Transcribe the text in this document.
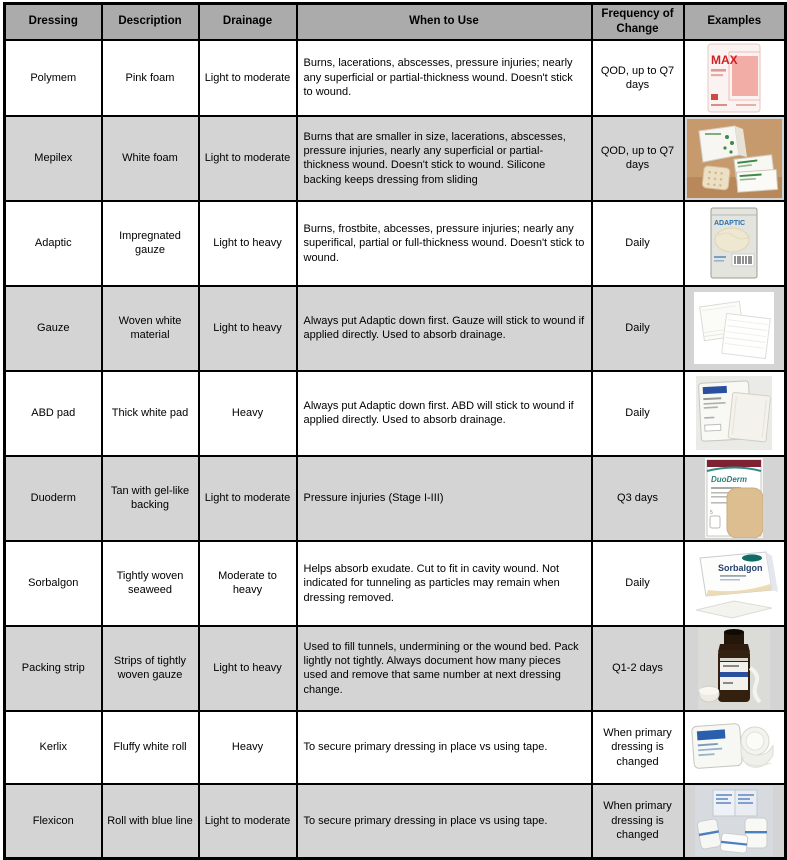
Dressing	Description	Drainage	When to Use	Frequency of Change	Examples
Polymem	Pink foam	Light to moderate	Burns, lacerations, abscesses, pressure injuries; nearly any superficial or partial-thickness wound. Doesn't stick to wound.	QOD, up to Q7 days	MAX

Mepilex	White foam	Light to moderate	Burns that are smaller in size, lacerations, abscesses, pressure injuries, nearly any superficial or partial-thickness wound. Doesn't stick to wound. Silicone backing keeps dressing from sliding	QOD, up to Q7 days	

Adaptic	Impregnated gauze	Light to heavy	Burns, frostbite, abcesses, pressure injuries; nearly any superifical, partial or full-thickness wound. Doesn't stick to wound.	Daily	ADAPTIC

Gauze	Woven white material	Light to heavy	Always put Adaptic down first. Gauze will stick to wound if applied directly. Used to absorb drainage.	Daily	

ABD pad	Thick white pad	Heavy	Always put Adaptic down first. ABD will stick to wound if applied directly. Used to absorb drainage.	Daily	

Duoderm	Tan with gel-like backing	Light to moderate	Pressure injuries (Stage I-III)	Q3 days	DuoDerm
5

Sorbalgon	Tightly woven seaweed	Moderate to heavy	Helps absorb exudate. Cut to fit in cavity wound. Not indicated for tunneling as particles may remain when dressing removed.	Daily	Sorbalgon

Packing strip	Strips of tightly woven gauze	Light to heavy	Used to fill tunnels, undermining or the wound bed. Pack lightly not tightly. Always document how many pieces used and remove that same number at next dressing change.	Q1-2 days	

Kerlix	Fluffy white roll	Heavy	To secure primary dressing in place vs using tape.	When primary dressing is changed	

Flexicon	Roll with blue line	Light to moderate	To secure primary dressing in place vs using tape.	When primary dressing is changed	
